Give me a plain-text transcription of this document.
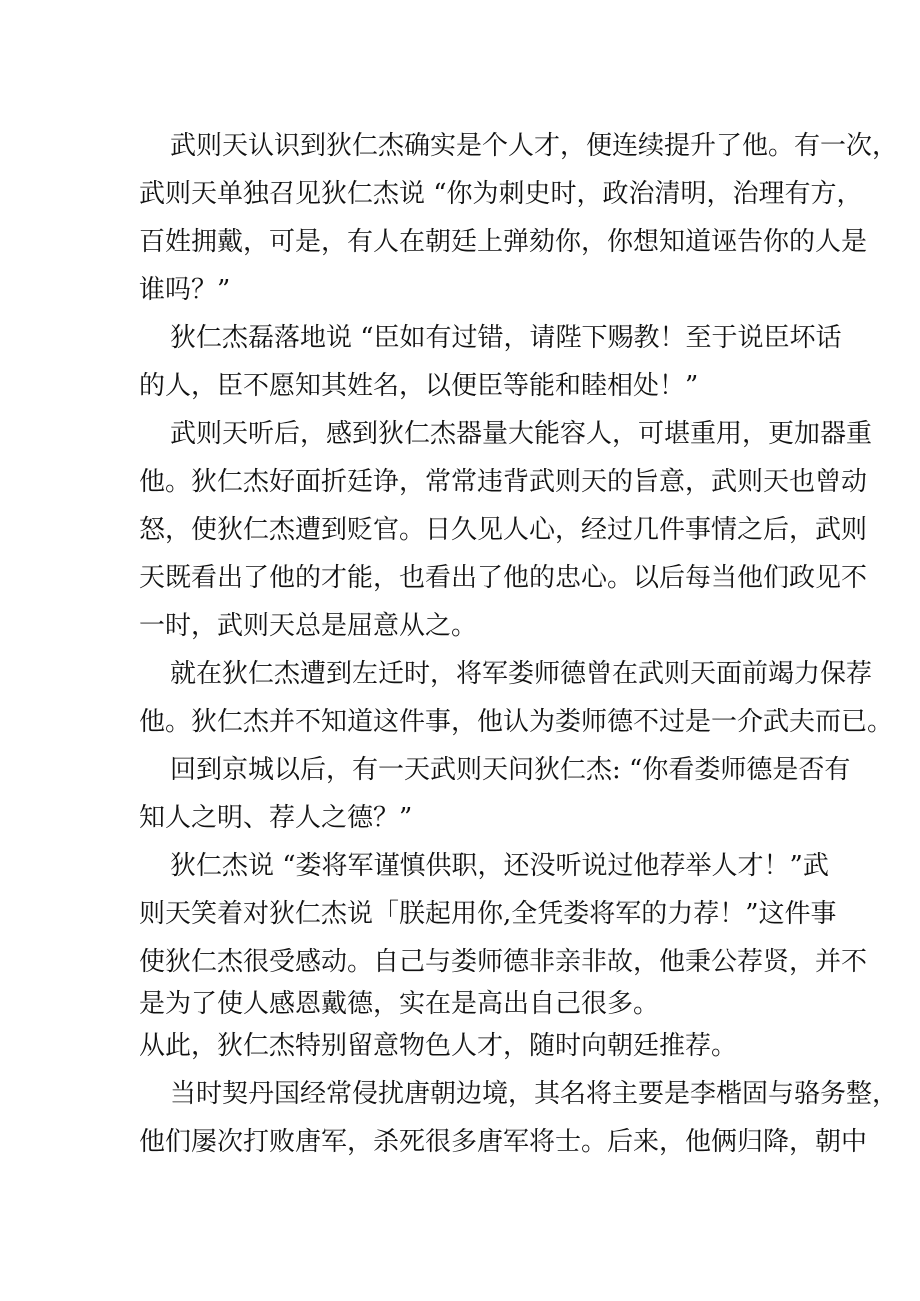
武则天认识到狄仁杰确实是个人才，便连续提升了他。有一次，
武则天单独召见狄仁杰说 “你为刺史时，政治清明，治理有方，
百姓拥戴，可是，有人在朝廷上弹劾你，你想知道诬告你的人是
谁吗？”
狄仁杰磊落地说 “臣如有过错，请陛下赐教！至于说臣坏话
的人，臣不愿知其姓名，以便臣等能和睦相处！”
武则天听后，感到狄仁杰器量大能容人，可堪重用，更加器重
他。狄仁杰好面折廷诤，常常违背武则天的旨意，武则天也曾动
怒，使狄仁杰遭到贬官。日久见人心，经过几件事情之后，武则
天既看出了他的才能，也看出了他的忠心。以后每当他们政见不
一时，武则天总是屈意从之。
就在狄仁杰遭到左迁时，将军娄师德曾在武则天面前竭力保荐
他。狄仁杰并不知道这件事，他认为娄师德不过是一介武夫而已。
回到京城以后，有一天武则天问狄仁杰: “你看娄师德是否有
知人之明、荐人之德？”
狄仁杰说 “娄将军谨慎供职，还没听说过他荐举人才！”武
则天笑着对狄仁杰说「朕起用你,全凭娄将军的力荐！”这件事
使狄仁杰很受感动。自己与娄师德非亲非故，他秉公荐贤，并不
是为了使人感恩戴德，实在是高出自己很多。
从此，狄仁杰特别留意物色人才，随时向朝廷推荐。
当时契丹国经常侵扰唐朝边境，其名将主要是李楷固与骆务整，
他们屡次打败唐军，杀死很多唐军将士。后来，他俩归降，朝中
